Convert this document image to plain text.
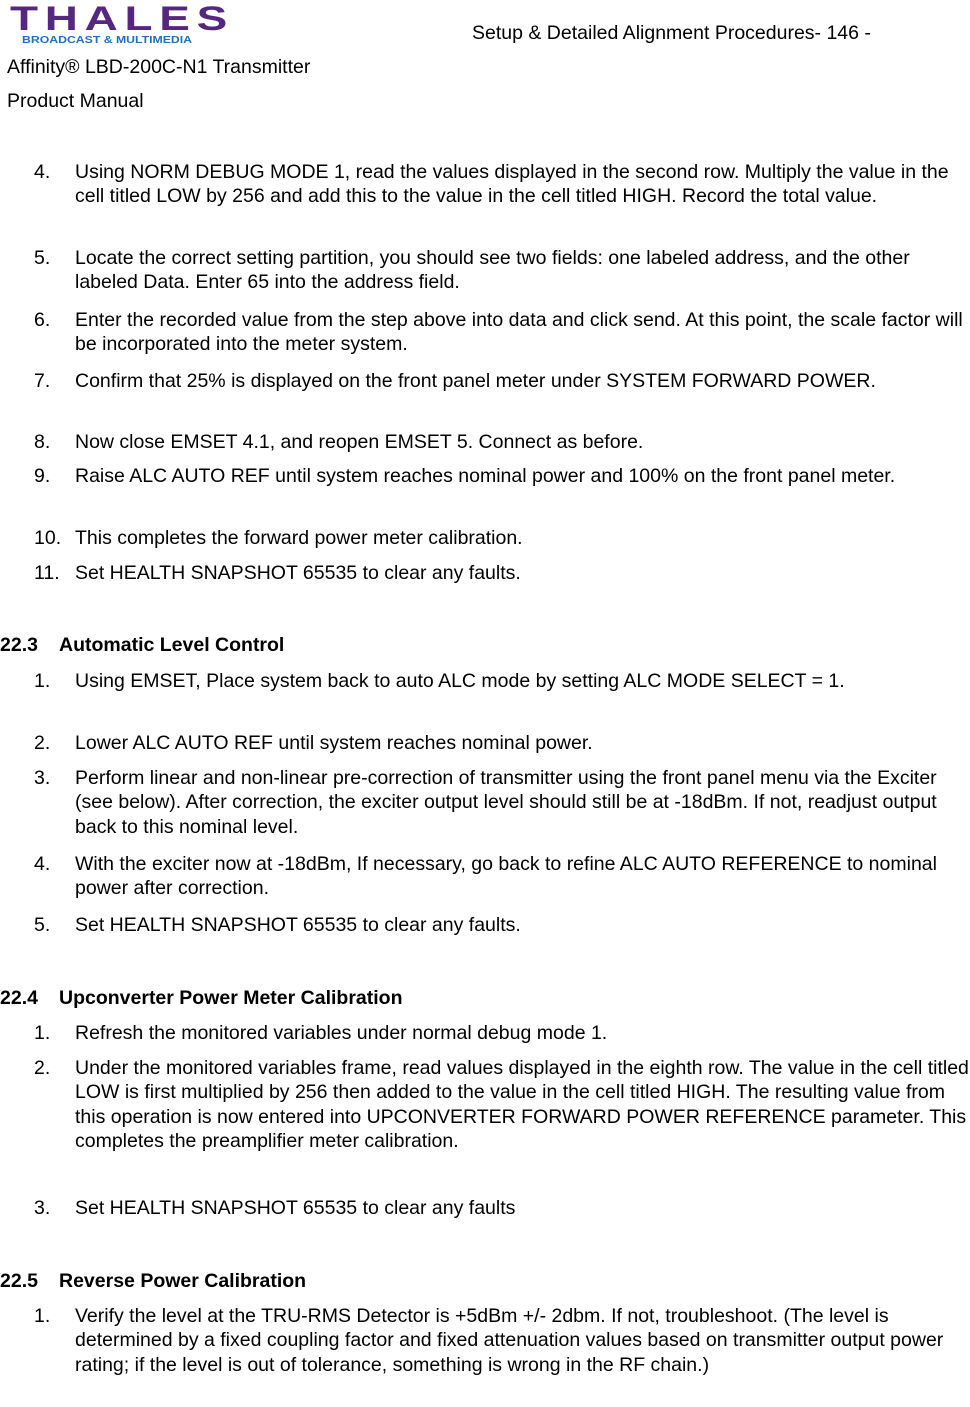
THALES
BROADCAST & MULTIMEDIA	Setup & Detailed Alignment Procedures- 146 -
Affinity® LBD-200C-N1 Transmitter
Product Manual
4. Using NORM DEBUG MODE 1, read the values displayed in the second row. Multiply the value in the cell titled LOW by 256 and add this to the value in the cell titled HIGH. Record the total value.
5. Locate the correct setting partition, you should see two fields: one labeled address, and the other labeled Data. Enter 65 into the address field.
6. Enter the recorded value from the step above into data and click send. At this point, the scale factor will be incorporated into the meter system.
7. Confirm that 25% is displayed on the front panel meter under SYSTEM FORWARD POWER.
8. Now close EMSET 4.1, and reopen EMSET 5. Connect as before.
9. Raise ALC AUTO REF until system reaches nominal power and 100% on the front panel meter.
10. This completes the forward power meter calibration.
11. Set HEALTH SNAPSHOT 65535 to clear any faults.
22.3 Automatic Level Control
1. Using EMSET, Place system back to auto ALC mode by setting ALC MODE SELECT = 1.
2. Lower ALC AUTO REF until system reaches nominal power.
3. Perform linear and non-linear pre-correction of transmitter using the front panel menu via the Exciter (see below). After correction, the exciter output level should still be at -18dBm. If not, readjust output back to this nominal level.
4. With the exciter now at -18dBm, If necessary, go back to refine ALC AUTO REFERENCE to nominal power after correction.
5. Set HEALTH SNAPSHOT 65535 to clear any faults.
22.4 Upconverter Power Meter Calibration
1. Refresh the monitored variables under normal debug mode 1.
2. Under the monitored variables frame, read values displayed in the eighth row. The value in the cell titled LOW is first multiplied by 256 then added to the value in the cell titled HIGH. The resulting value from this operation is now entered into UPCONVERTER FORWARD POWER REFERENCE parameter. This completes the preamplifier meter calibration.
3. Set HEALTH SNAPSHOT 65535 to clear any faults
22.5 Reverse Power Calibration
1. Verify the level at the TRU-RMS Detector is +5dBm +/- 2dbm. If not, troubleshoot. (The level is determined by a fixed coupling factor and fixed attenuation values based on transmitter output power rating; if the level is out of tolerance, something is wrong in the RF chain.)
